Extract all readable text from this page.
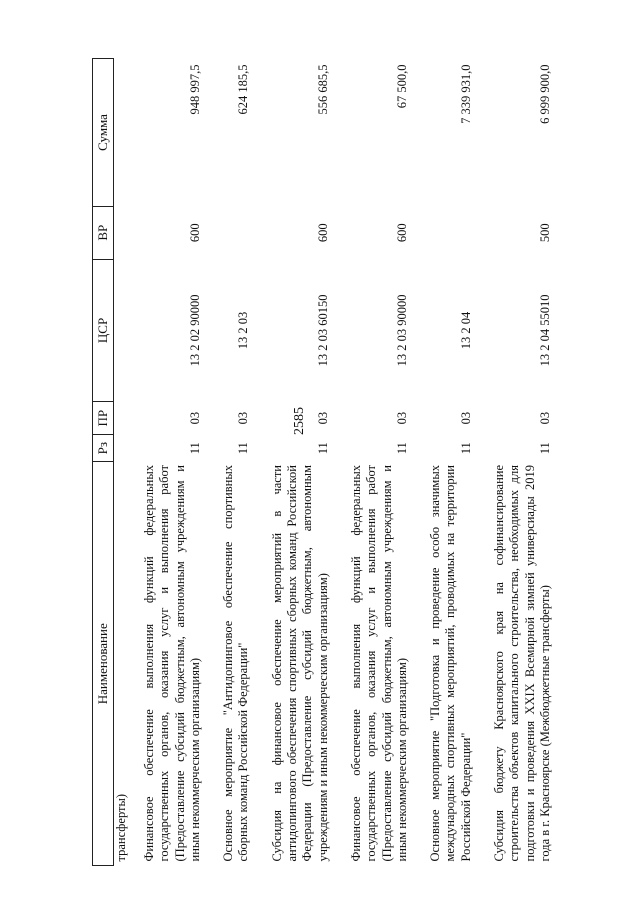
2585
Наименование	Рз	ПР	ЦСР	ВР	Сумма
трансферты)					
Финансовое обеспечение выполнения функций федеральных государственных органов, оказания услуг и выполнения работ (Предоставление субсидий бюджетным, автономным учреждениям и иным некоммерческим организациям)	11	03	13 2 02 90000	600	948 997,5
Основное мероприятие "Антидопинговое обеспечение спортивных сборных команд Российской Федерации"	11	03	13 2 03		624 185,5
Субсидия на финансовое обеспечение мероприятий в части антидопингового обеспечения спортивных сборных команд Российской Федерации (Предоставление субсидий бюджетным, автономным учреждениям и иным некоммерческим организациям)	11	03	13 2 03 60150	600	556 685,5
Финансовое обеспечение выполнения функций федеральных государственных органов, оказания услуг и выполнения работ (Предоставление субсидий бюджетным, автономным учреждениям и иным некоммерческим организациям)	11	03	13 2 03 90000	600	67 500,0
Основное мероприятие "Подготовка и проведение особо значимых международных спортивных мероприятий, проводимых на территории Российской Федерации"	11	03	13 2 04		7 339 931,0
Субсидия бюджету Красноярского края на софинансирование строительства объектов капитального строительства, необходимых для подготовки и проведения XXIX Всемирной зимней универсиады 2019 года в г. Красноярске (Межбюджетные трансферты)	11	03	13 2 04 55010	500	6 999 900,0
